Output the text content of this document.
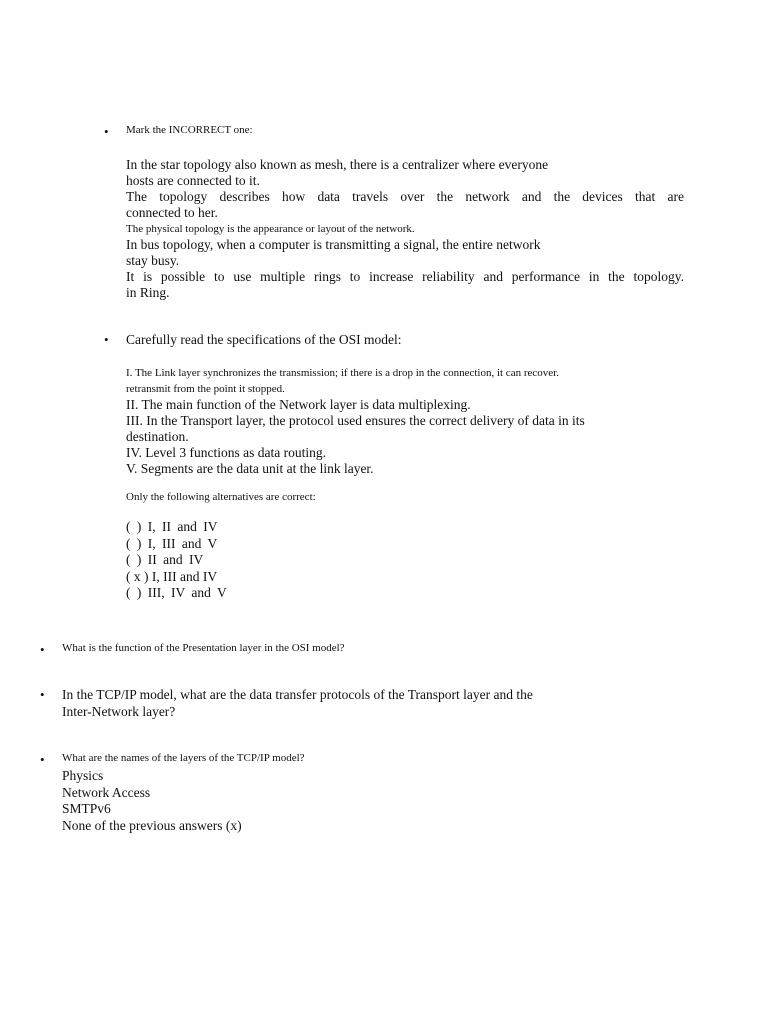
• Mark the INCORRECT one:
In the star topology also known as mesh, there is a centralizer where everyone
hosts are connected to it.
The topology describes how data travels over the network and the devices that are
connected to her.
The physical topology is the appearance or layout of the network.
In bus topology, when a computer is transmitting a signal, the entire network
stay busy.
It is possible to use multiple rings to increase reliability and performance in the topology.
in Ring.
• Carefully read the specifications of the OSI model:
I. The Link layer synchronizes the transmission; if there is a drop in the connection, it can recover.
retransmit from the point it stopped.
II. The main function of the Network layer is data multiplexing.
III. In the Transport layer, the protocol used ensures the correct delivery of data in its
destination.
IV. Level 3 functions as data routing.
V. Segments are the data unit at the link layer.
Only the following alternatives are correct:
( ) I, II and IV
( ) I, III and V
( ) II and IV
( x ) I, III and IV
( ) III, IV and V
• What is the function of the Presentation layer in the OSI model?
• In the TCP/IP model, what are the data transfer protocols of the Transport layer and the
Inter-Network layer?
• What are the names of the layers of the TCP/IP model?
Physics
Network Access
SMTPv6
None of the previous answers (x)
